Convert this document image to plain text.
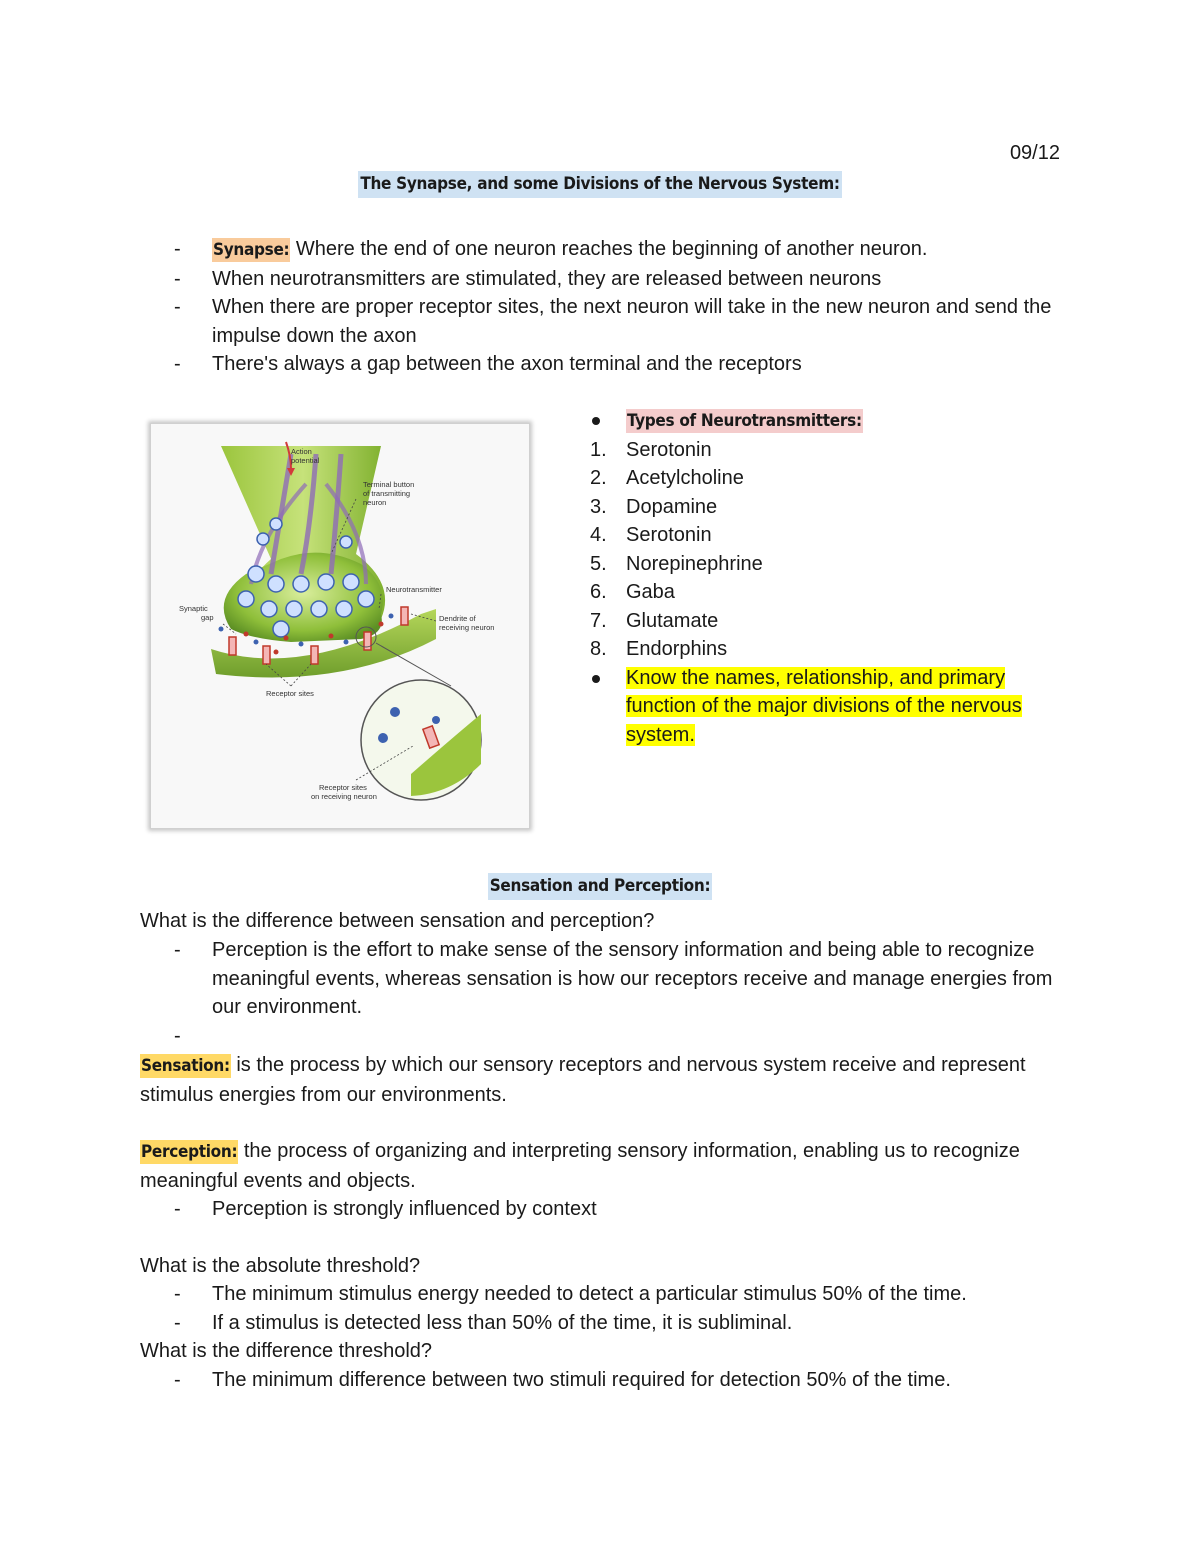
09/12
The Synapse, and some Divisions of the Nervous System:
- Synapse: Where the end of one neuron reaches the beginning of another neuron.
- When neurotransmitters are stimulated, they are released between neurons
- When there are proper receptor sites, the next neuron will take in the new neuron and send the impulse down the axon
- There's always a gap between the axon terminal and the receptors
Action
potential
Terminal button
of transmitting
neuron
Neurotransmitter
Dendrite of
receiving neuron
Synaptic
gap
Receptor sites
Receptor sites
on receiving neuron
Types of Neurotransmitters:
1. Serotonin
2. Acetylcholine
3. Dopamine
4. Serotonin
5. Norepinephrine
6. Gaba
7. Glutamate
8. Endorphins
Know the names, relationship, and primary function of the major divisions of the nervous system.
Sensation and Perception:

What is the difference between sensation and perception?

- Perception is the effort to make sense of the sensory information and being able to recognize meaningful events, whereas sensation is how our receptors receive and manage energies from our environment.
-

Sensation: is the process by which our sensory receptors and nervous system receive and represent stimulus energies from our environments.

Perception: the process of organizing and interpreting sensory information, enabling us to recognize meaningful events and objects.

- Perception is strongly influenced by context

What is the absolute threshold?

- The minimum stimulus energy needed to detect a particular stimulus 50% of the time.
- If a stimulus is detected less than 50% of the time, it is subliminal.

What is the difference threshold?

- The minimum difference between two stimuli required for detection 50% of the time.
